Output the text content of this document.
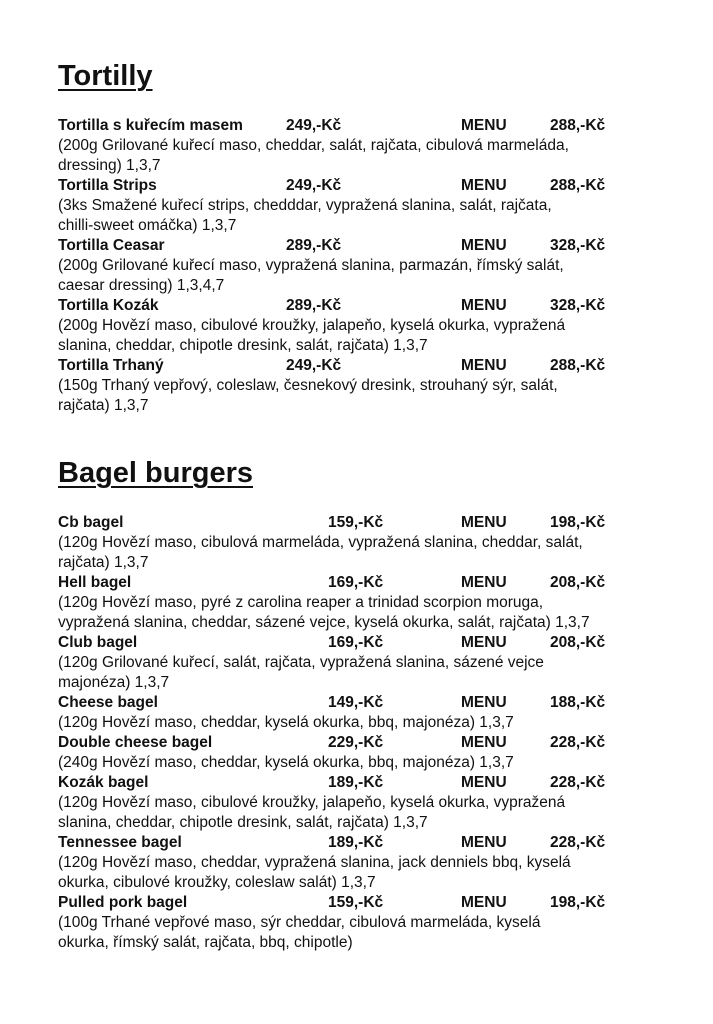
Tortilly
Tortilla s kuřecím masem	249,-Kč	MENU	288,-Kč
(200g Grilované kuřecí maso, cheddar, salát, rajčata, cibulová marmeláda,
dressing) 1,3,7
Tortilla Strips	249,-Kč	MENU	288,-Kč
(3ks Smažené kuřecí strips, chedddar, vypražená slanina, salát, rajčata,
chilli-sweet omáčka) 1,3,7
Tortilla Ceasar	289,-Kč	MENU	328,-Kč
(200g Grilované kuřecí maso, vypražená slanina, parmazán, římský salát,
caesar dressing) 1,3,4,7
Tortilla Kozák	289,-Kč	MENU	328,-Kč
(200g Hovězí maso, cibulové kroužky, jalapeňo, kyselá okurka, vypražená
slanina, cheddar, chipotle dresink, salát, rajčata) 1,3,7
Tortilla Trhaný	249,-Kč	MENU	288,-Kč
(150g Trhaný vepřový, coleslaw, česnekový dresink, strouhaný sýr, salát,
rajčata) 1,3,7
Bagel burgers
Cb bagel	159,-Kč	MENU	198,-Kč
(120g Hovězí maso, cibulová marmeláda, vypražená slanina, cheddar, salát,
rajčata) 1,3,7
Hell bagel	169,-Kč	MENU	208,-Kč
(120g Hovězí maso, pyré z carolina reaper a trinidad scorpion moruga,
vypražená slanina, cheddar, sázené vejce, kyselá okurka, salát, rajčata) 1,3,7
Club bagel	169,-Kč	MENU	208,-Kč
(120g Grilované kuřecí, salát, rajčata, vypražená slanina, sázené vejce
majonéza) 1,3,7
Cheese bagel	149,-Kč	MENU	188,-Kč
(120g Hovězí maso, cheddar, kyselá okurka, bbq, majonéza) 1,3,7
Double cheese bagel	229,-Kč	MENU	228,-Kč
(240g Hovězí maso, cheddar, kyselá okurka, bbq, majonéza) 1,3,7
Kozák bagel	189,-Kč	MENU	228,-Kč
(120g Hovězí maso, cibulové kroužky, jalapeňo, kyselá okurka, vypražená
slanina, cheddar, chipotle dresink, salát, rajčata) 1,3,7
Tennessee bagel	189,-Kč	MENU	228,-Kč
(120g Hovězí maso, cheddar, vypražená slanina, jack denniels bbq, kyselá
okurka, cibulové kroužky, coleslaw salát) 1,3,7
Pulled pork bagel	159,-Kč	MENU	198,-Kč
(100g Trhané vepřové maso, sýr cheddar, cibulová marmeláda, kyselá
okurka, římský salát, rajčata, bbq, chipotle)
